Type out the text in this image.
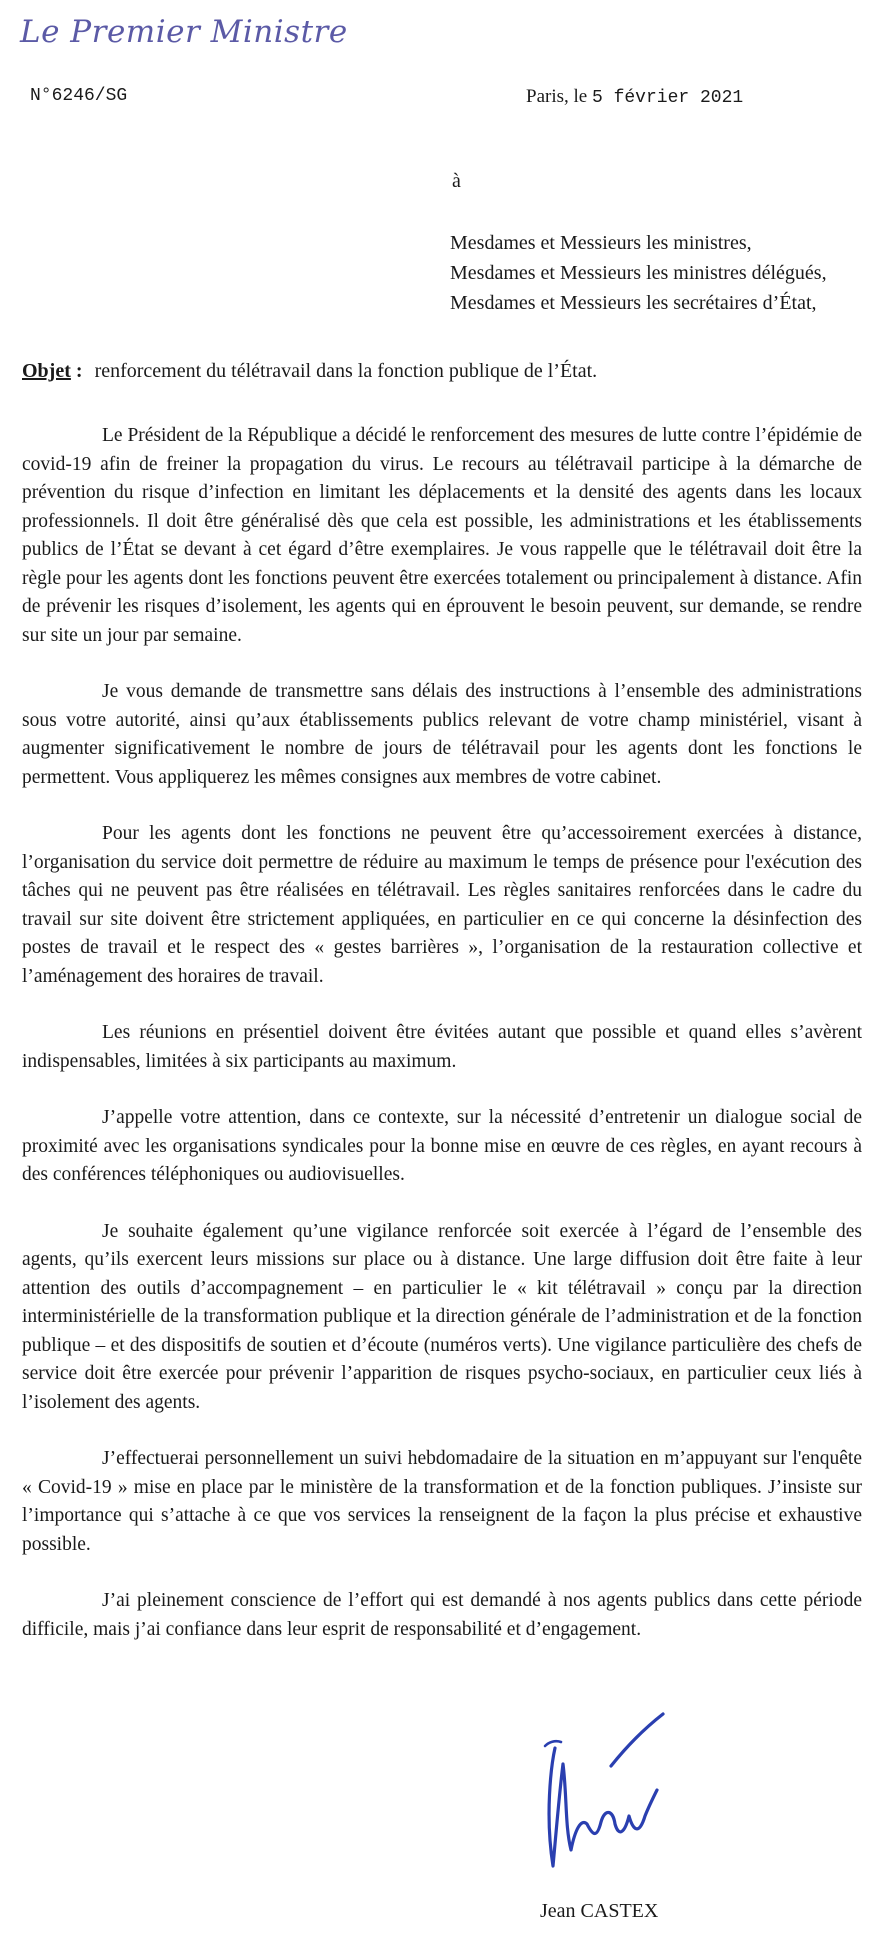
Le Premier Ministre
N°6246/SG	Paris, le 5 février 2021
à
Mesdames et Messieurs les ministres,
Mesdames et Messieurs les ministres délégués,
Mesdames et Messieurs les secrétaires d’État,
Objet : renforcement du télétravail dans la fonction publique de l’État.

Le Président de la République a décidé le renforcement des mesures de lutte contre l’épidémie de covid-19 afin de freiner la propagation du virus. Le recours au télétravail participe à la démarche de prévention du risque d’infection en limitant les déplacements et la densité des agents dans les locaux professionnels. Il doit être généralisé dès que cela est possible, les administrations et les établissements publics de l’État se devant à cet égard d’être exemplaires. Je vous rappelle que le télétravail doit être la règle pour les agents dont les fonctions peuvent être exercées totalement ou principalement à distance. Afin de prévenir les risques d’isolement, les agents qui en éprouvent le besoin peuvent, sur demande, se rendre sur site un jour par semaine.

Je vous demande de transmettre sans délais des instructions à l’ensemble des administrations sous votre autorité, ainsi qu’aux établissements publics relevant de votre champ ministériel, visant à augmenter significativement le nombre de jours de télétravail pour les agents dont les fonctions le permettent. Vous appliquerez les mêmes consignes aux membres de votre cabinet.

Pour les agents dont les fonctions ne peuvent être qu’accessoirement exercées à distance, l’organisation du service doit permettre de réduire au maximum le temps de présence pour l'exécution des tâches qui ne peuvent pas être réalisées en télétravail. Les règles sanitaires renforcées dans le cadre du travail sur site doivent être strictement appliquées, en particulier en ce qui concerne la désinfection des postes de travail et le respect des « gestes barrières », l’organisation de la restauration collective et l’aménagement des horaires de travail.

Les réunions en présentiel doivent être évitées autant que possible et quand elles s’avèrent indispensables, limitées à six participants au maximum.

J’appelle votre attention, dans ce contexte, sur la nécessité d’entretenir un dialogue social de proximité avec les organisations syndicales pour la bonne mise en œuvre de ces règles, en ayant recours à des conférences téléphoniques ou audiovisuelles.

Je souhaite également qu’une vigilance renforcée soit exercée à l’égard de l’ensemble des agents, qu’ils exercent leurs missions sur place ou à distance. Une large diffusion doit être faite à leur attention des outils d’accompagnement – en particulier le « kit télétravail » conçu par la direction interministérielle de la transformation publique et la direction générale de l’administration et de la fonction publique – et des dispositifs de soutien et d’écoute (numéros verts). Une vigilance particulière des chefs de service doit être exercée pour prévenir l’apparition de risques psycho-sociaux, en particulier ceux liés à l’isolement des agents.

J’effectuerai personnellement un suivi hebdomadaire de la situation en m’appuyant sur l'enquête « Covid-19 » mise en place par le ministère de la transformation et de la fonction publiques. J’insiste sur l’importance qui s’attache à ce que vos services la renseignent de la façon la plus précise et exhaustive possible.

J’ai pleinement conscience de l’effort qui est demandé à nos agents publics dans cette période difficile, mais j’ai confiance dans leur esprit de responsabilité et d’engagement.

Jean CASTEX
